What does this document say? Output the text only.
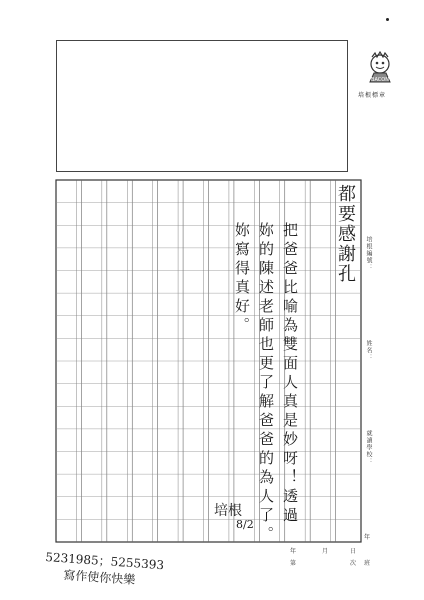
BACON
培根標章
培根編號：
姓名：
就讀學校：
年
班
年	月	日
第	次
都要感謝孔
把爸爸比喻為雙面人真是妙呀！透過
妳的陳述老師也更了解爸爸的為人了。
妳寫得真好。
培根
8/2
5231985；5255393
寫作使你快樂
